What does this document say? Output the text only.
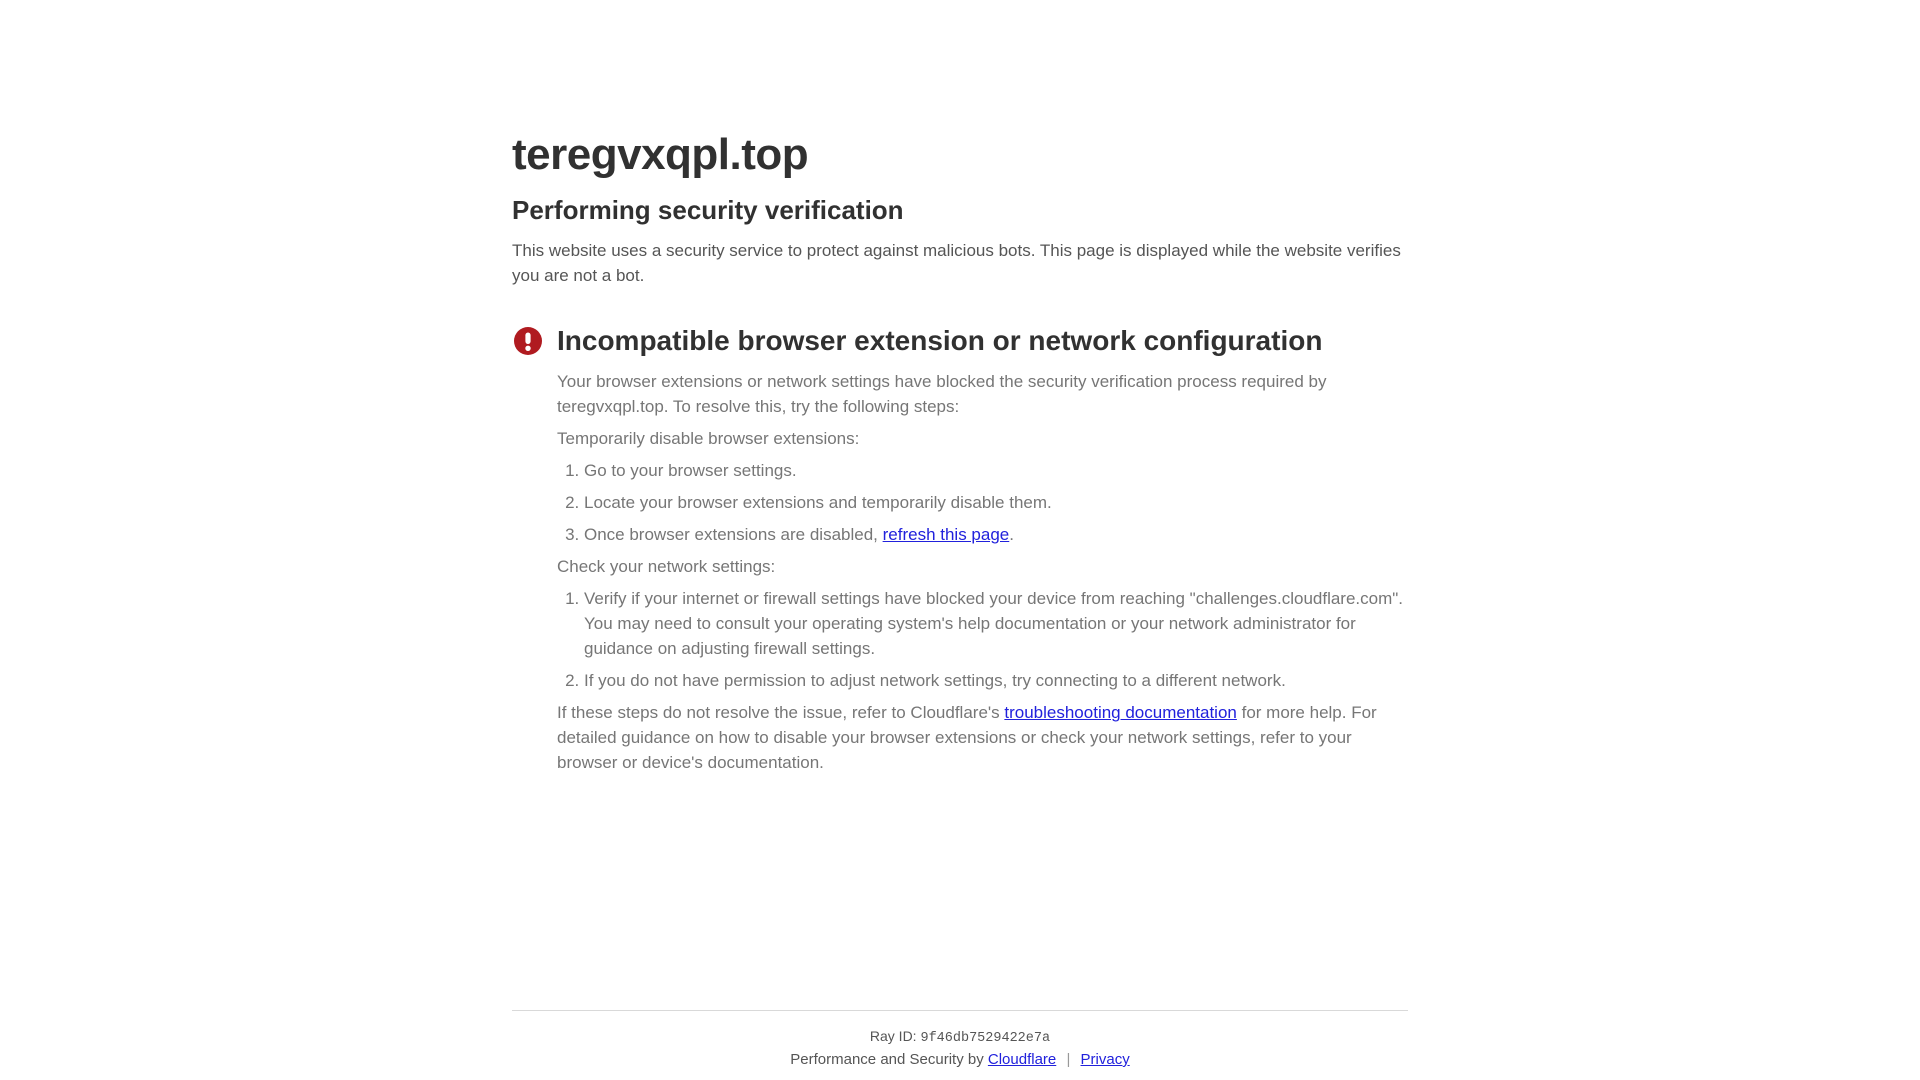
teregvxqpl.top
Performing security verification

This website uses a security service to protect against malicious bots. This page is displayed while the website verifies you are not a bot.

Incompatible browser extension or network configuration

Your browser extensions or network settings have blocked the security verification process required by teregvxqpl.top. To resolve this, try the following steps:

Temporarily disable browser extensions:

1. Go to your browser settings.
2. Locate your browser extensions and temporarily disable them.
3. Once browser extensions are disabled, refresh this page.

Check your network settings:

1. Verify if your internet or firewall settings have blocked your device from reaching "challenges.cloudflare.com". You may need to consult your operating system's help documentation or your network administrator for guidance on adjusting firewall settings.
2. If you do not have permission to adjust network settings, try connecting to a different network.

If these steps do not resolve the issue, refer to Cloudflare's troubleshooting documentation for more help. For detailed guidance on how to disable your browser extensions or check your network settings, refer to your browser or device's documentation.

Ray ID: 9f46db7529422e7a
Performance and Security by Cloudflare | Privacy
